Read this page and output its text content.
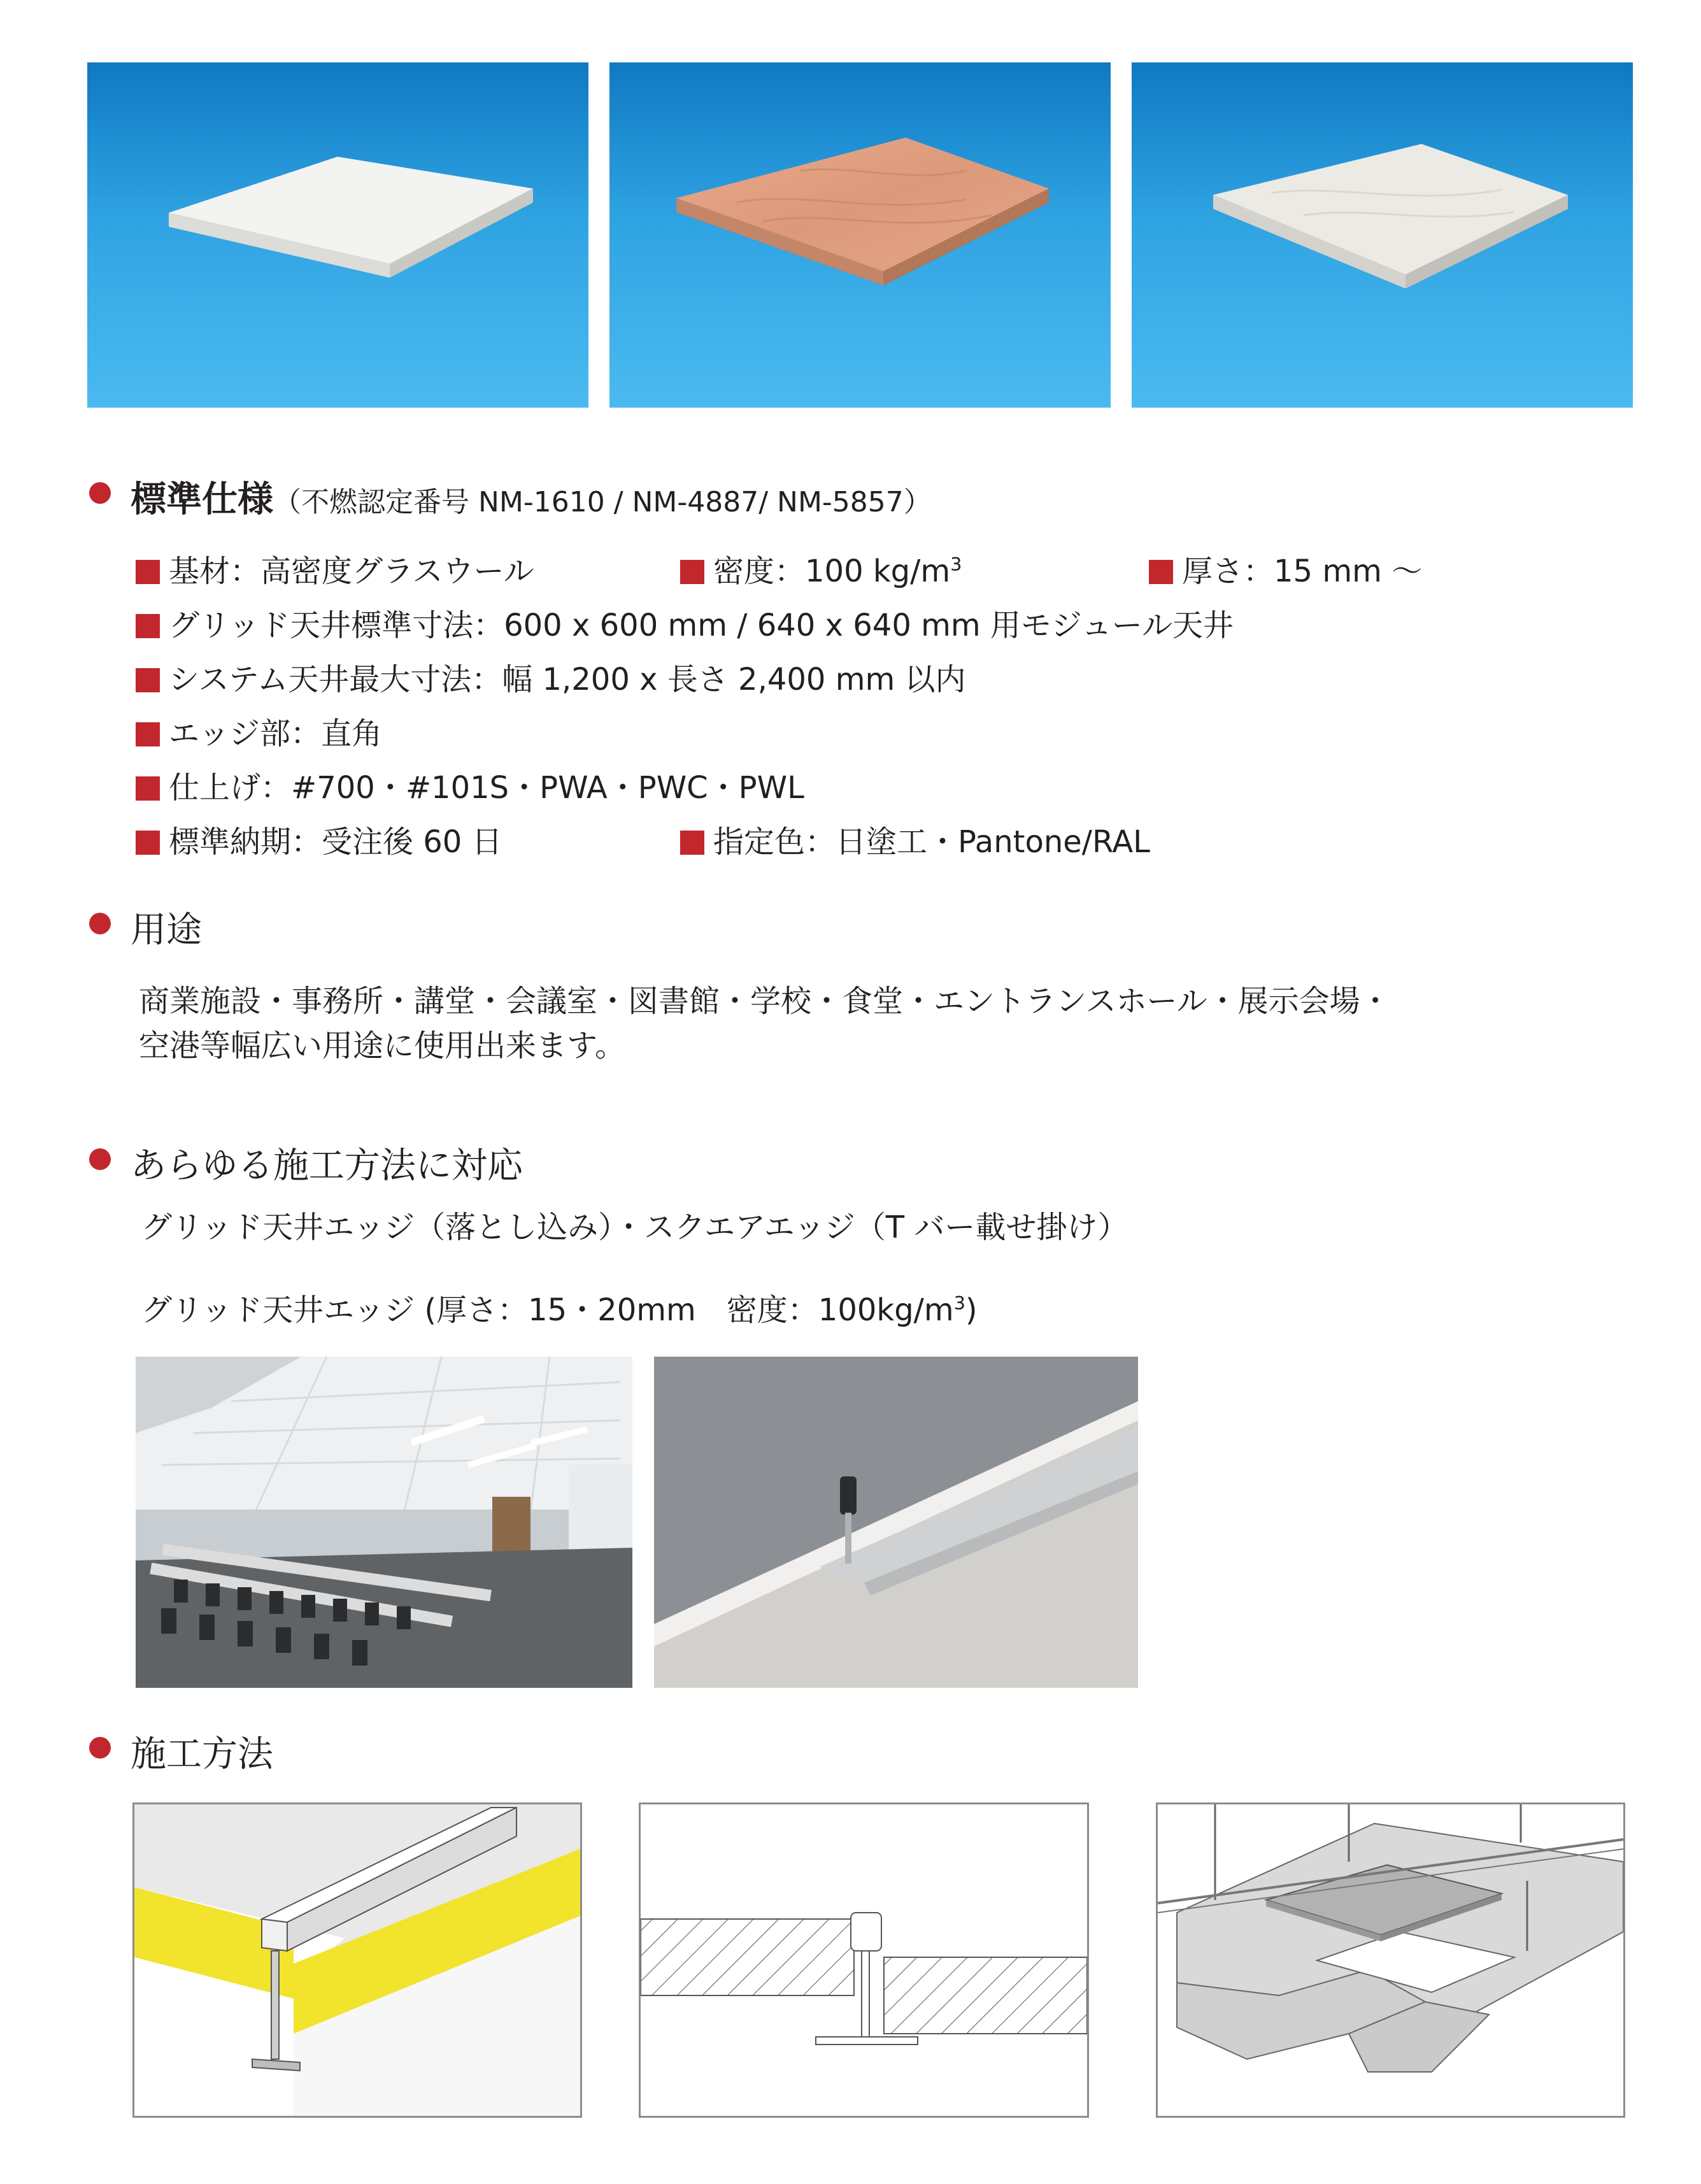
標準仕様（不燃認定番号 NM-1610 / NM-4887/ NM-5857）
基材：高密度グラスウール	密度：100 $kg/m^3$	厚さ：15 mm ～
グリッド天井標準寸法：600 x 600 mm / 640 x 640 mm 用モジュール天井
システム天井最大寸法：幅 1,200 x 長さ 2,400 mm 以内
エッジ部：直角
仕上げ：#700・#101S・PWA・PWC・PWL
標準納期：受注後 60 日	指定色：日塗工・Pantone/RAL
用途
商業施設・事務所・講堂・会議室・図書館・学校・食堂・エントランスホール・展示会場・
空港等幅広い用途に使用出来ます。
あらゆる施工方法に対応
グリッド天井エッジ（落とし込み）・スクエアエッジ（T バー載せ掛け）
グリッド天井エッジ (厚さ：15・20mm　密度：$100kg/m^3$)
施工方法
